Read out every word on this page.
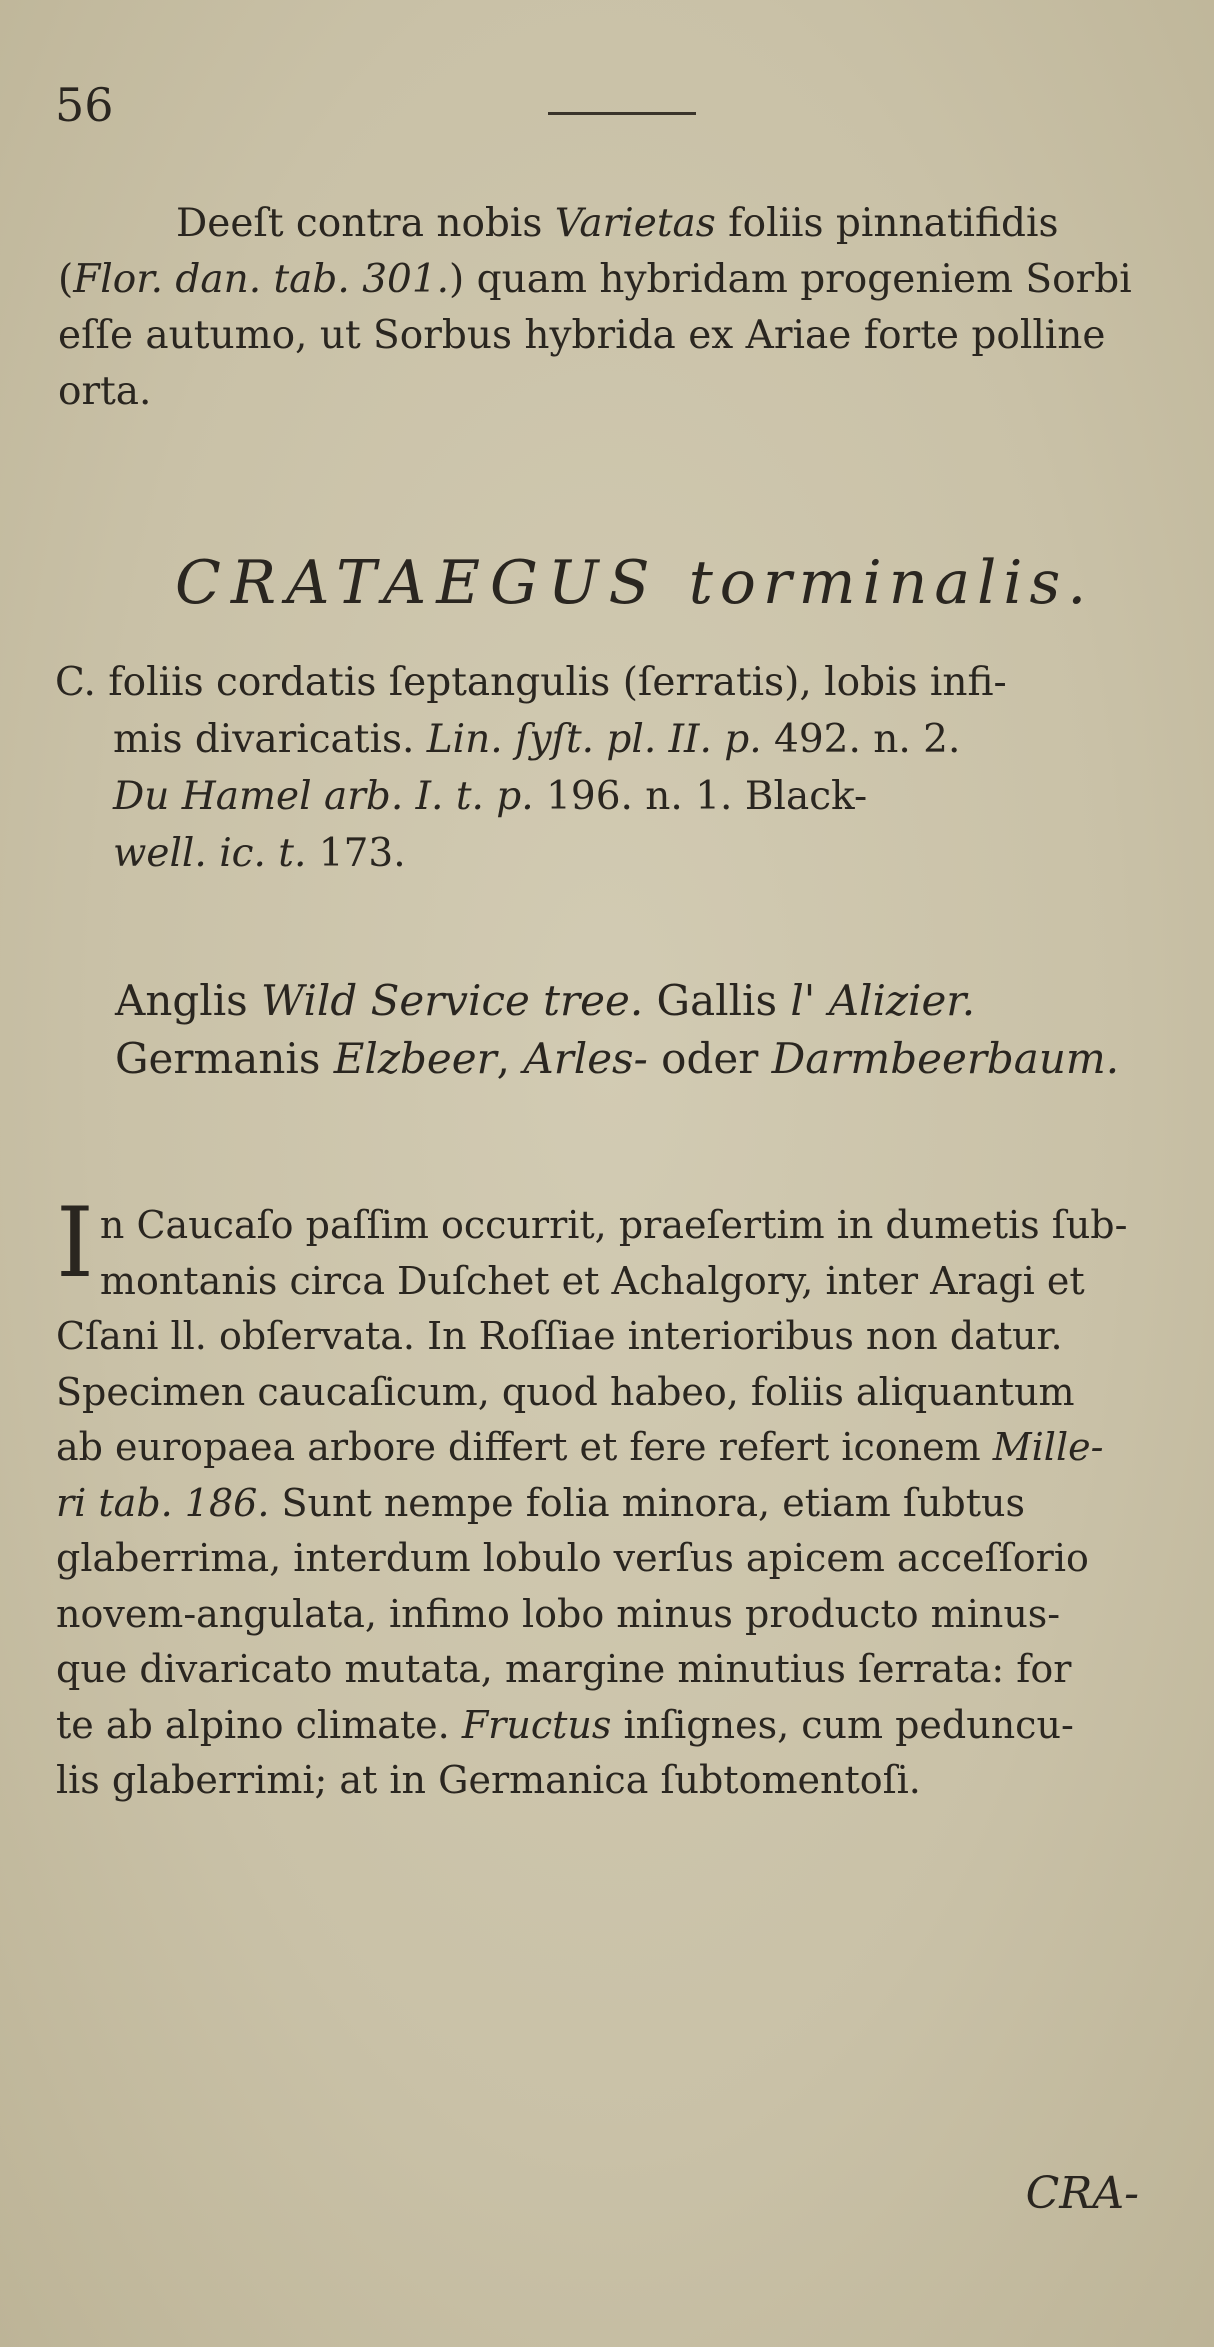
56
Deeſt contra nobis Varietas foliis pinnatifidis
(Flor. dan. tab. 301.) quam hybridam progeniem Sorbi
eſſe autumo, ut Sorbus hybrida ex Ariae forte polline
orta.
CRATAEGUS torminalis.
C. foliis cordatis ſeptangulis (ſerratis), lobis infi-
mis divaricatis. Lin. ſyſt. pl. II. p. 492. n. 2.
Du Hamel arb. I. t. p. 196. n. 1. Black-
well. ic. t. 173.
Anglis Wild Service tree. Gallis l' Alizier.
Germanis Elzbeer, Arles- oder Darmbeerbaum.
I n Caucaſo paſſim occurrit, praeſertim in dumetis ſub-
montanis circa Duſchet et Achalgory, inter Aragi et
Cſani ll. obſervata. In Roſſiae interioribus non datur.
Specimen caucaſicum, quod habeo, foliis aliquantum
ab europaea arbore differt et fere refert iconem Mille-
ri tab. 186. Sunt nempe folia minora, etiam ſubtus
glaberrima, interdum lobulo verſus apicem acceſſorio
novem-angulata, infimo lobo minus producto minus-
que divaricato mutata, margine minutius ſerrata: for
te ab alpino climate. Fructus inſignes, cum peduncu-
lis glaberrimi; at in Germanica ſubtomentoſi.
CRA-
